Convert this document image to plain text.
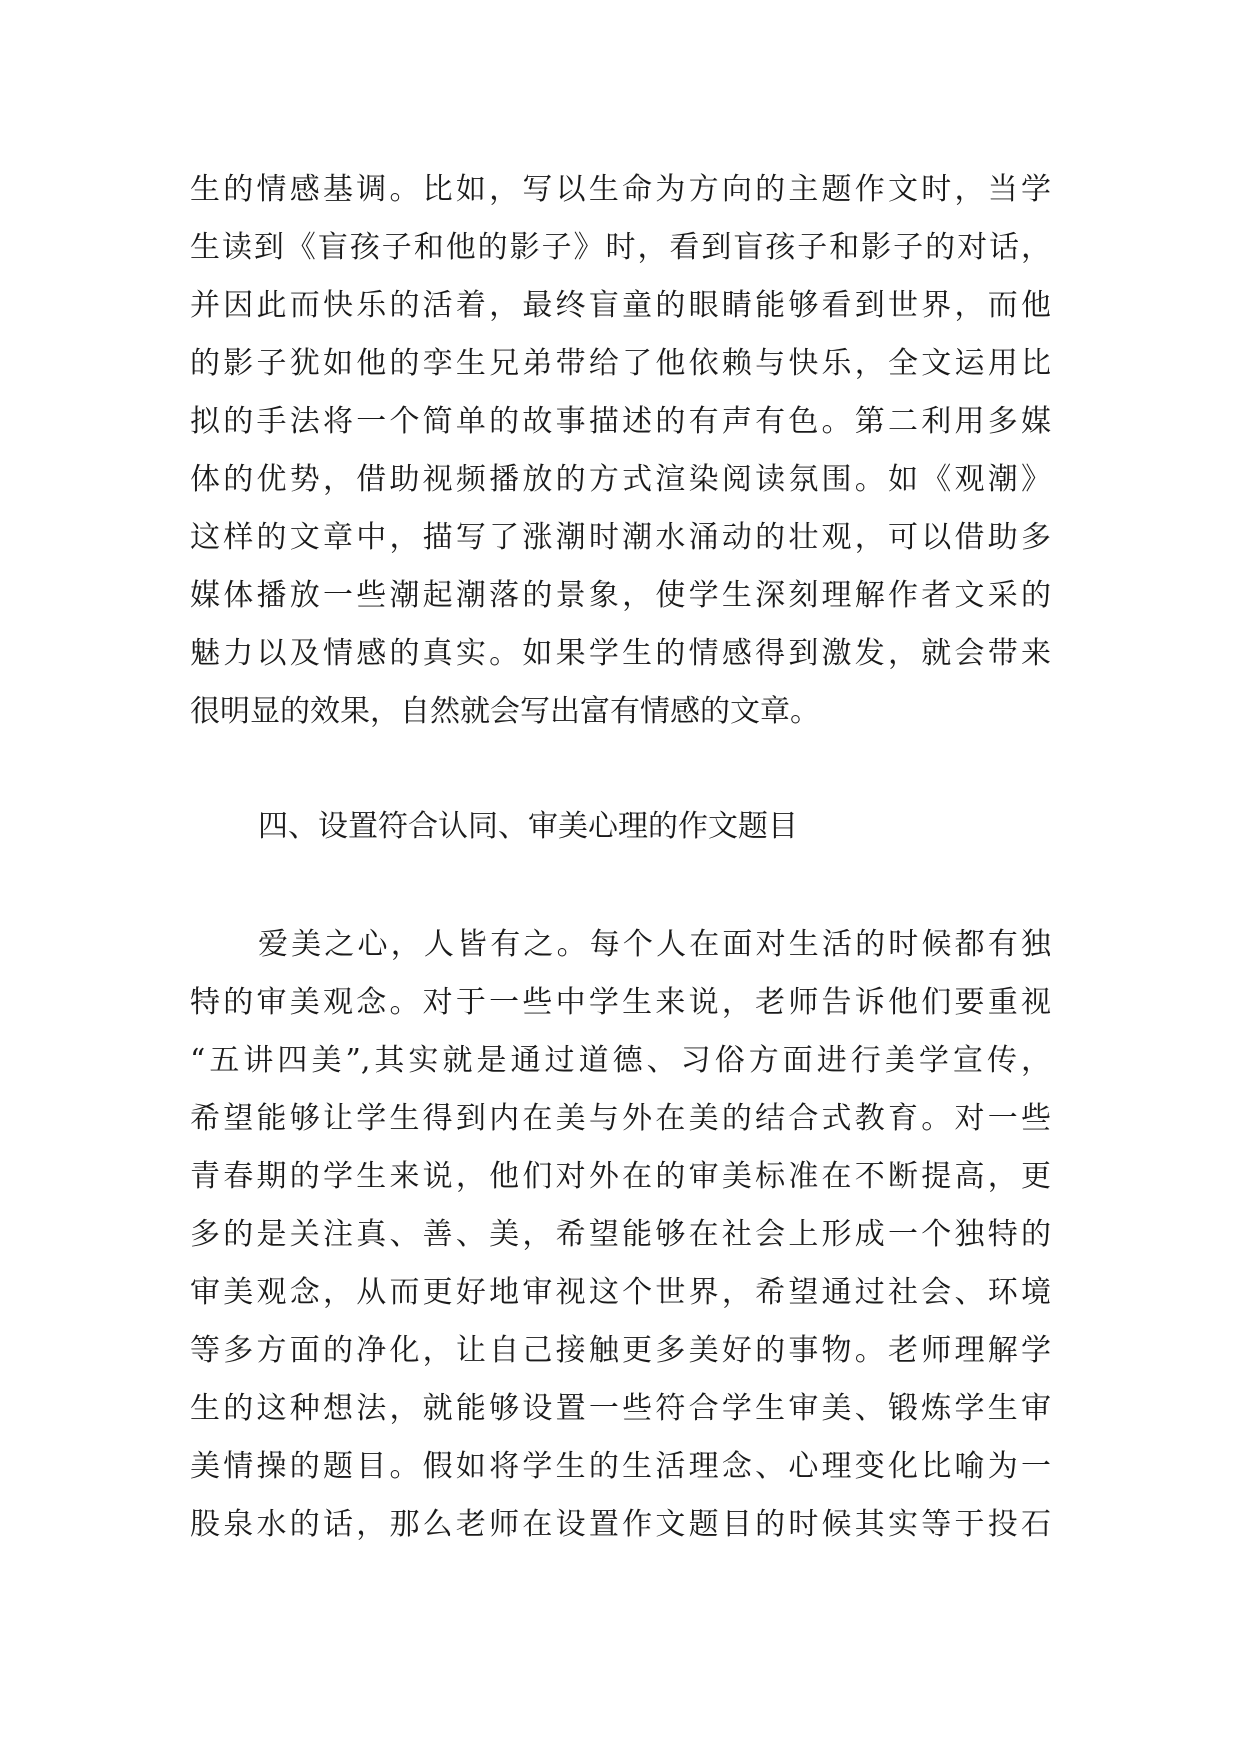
生的情感基调。比如，写以生命为方向的主题作文时，当学
生读到《盲孩子和他的影子》时，看到盲孩子和影子的对话，
并因此而快乐的活着，最终盲童的眼睛能够看到世界，而他
的影子犹如他的孪生兄弟带给了他依赖与快乐，全文运用比
拟的手法将一个简单的故事描述的有声有色。第二利用多媒
体的优势，借助视频播放的方式渲染阅读氛围。如《观潮》
这样的文章中，描写了涨潮时潮水涌动的壮观，可以借助多
媒体播放一些潮起潮落的景象，使学生深刻理解作者文采的
魅力以及情感的真实。如果学生的情感得到激发，就会带来
很明显的效果，自然就会写出富有情感的文章。
四、设置符合认同、审美心理的作文题目
爱美之心，人皆有之。每个人在面对生活的时候都有独
特的审美观念。对于一些中学生来说，老师告诉他们要重视
“五讲四美”,其实就是通过道德、习俗方面进行美学宣传，
希望能够让学生得到内在美与外在美的结合式教育。对一些
青春期的学生来说，他们对外在的审美标准在不断提高，更
多的是关注真、善、美，希望能够在社会上形成一个独特的
审美观念，从而更好地审视这个世界，希望通过社会、环境
等多方面的净化，让自己接触更多美好的事物。老师理解学
生的这种想法，就能够设置一些符合学生审美、锻炼学生审
美情操的题目。假如将学生的生活理念、心理变化比喻为一
股泉水的话，那么老师在设置作文题目的时候其实等于投石
